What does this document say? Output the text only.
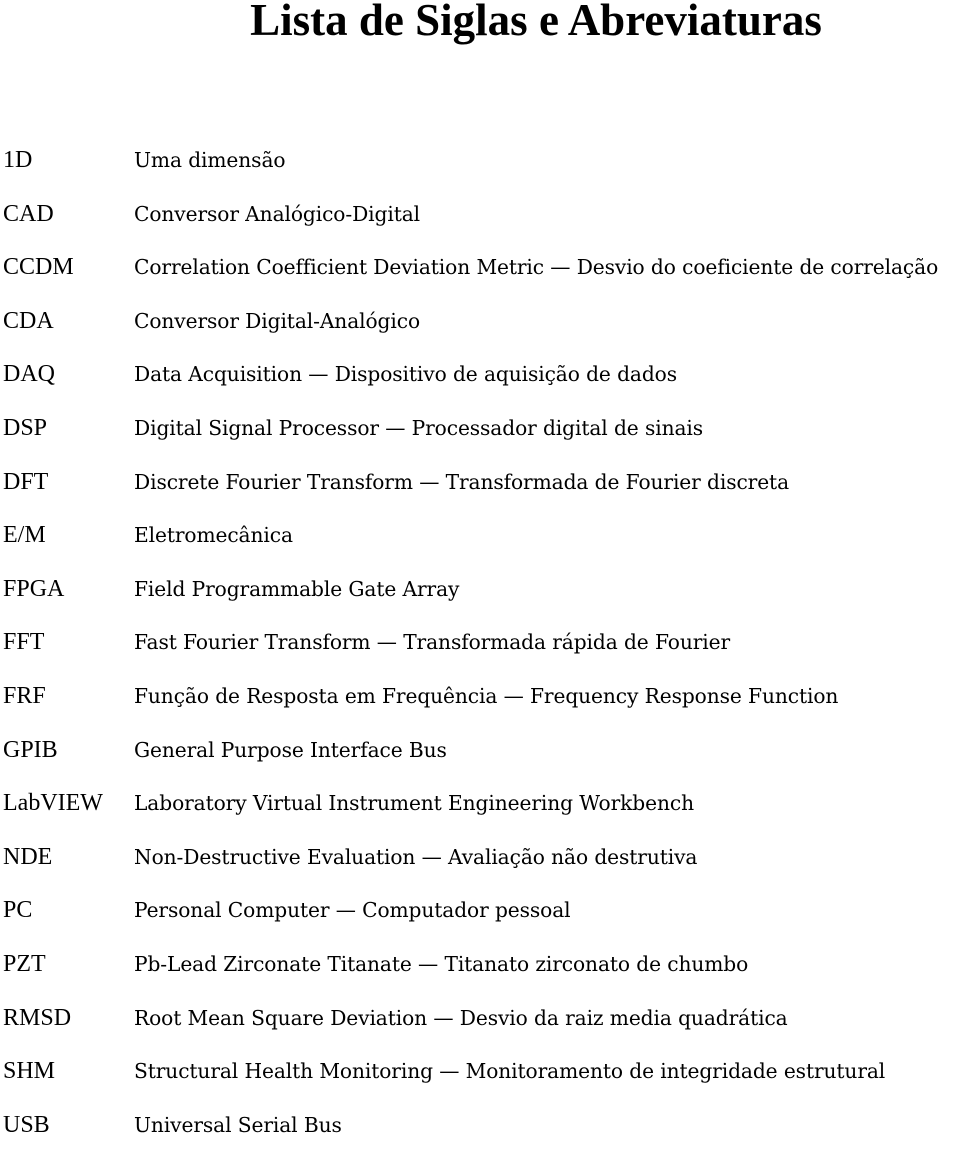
Lista de Siglas e Abreviaturas
1D	Uma dimensão
CAD	Conversor Analógico-Digital
CCDM	Correlation Coefficient Deviation Metric — Desvio do coeficiente de correlação
CDA	Conversor Digital-Analógico
DAQ	Data Acquisition — Dispositivo de aquisição de dados
DSP	Digital Signal Processor — Processador digital de sinais
DFT	Discrete Fourier Transform — Transformada de Fourier discreta
E/M	Eletromecânica
FPGA	Field Programmable Gate Array
FFT	Fast Fourier Transform — Transformada rápida de Fourier
FRF	Função de Resposta em Frequência — Frequency Response Function
GPIB	General Purpose Interface Bus
LabVIEW	Laboratory Virtual Instrument Engineering Workbench
NDE	Non-Destructive Evaluation — Avaliação não destrutiva
PC	Personal Computer — Computador pessoal
PZT	Pb-Lead Zirconate Titanate — Titanato zirconato de chumbo
RMSD	Root Mean Square Deviation — Desvio da raiz media quadrática
SHM	Structural Health Monitoring — Monitoramento de integridade estrutural
USB	Universal Serial Bus
